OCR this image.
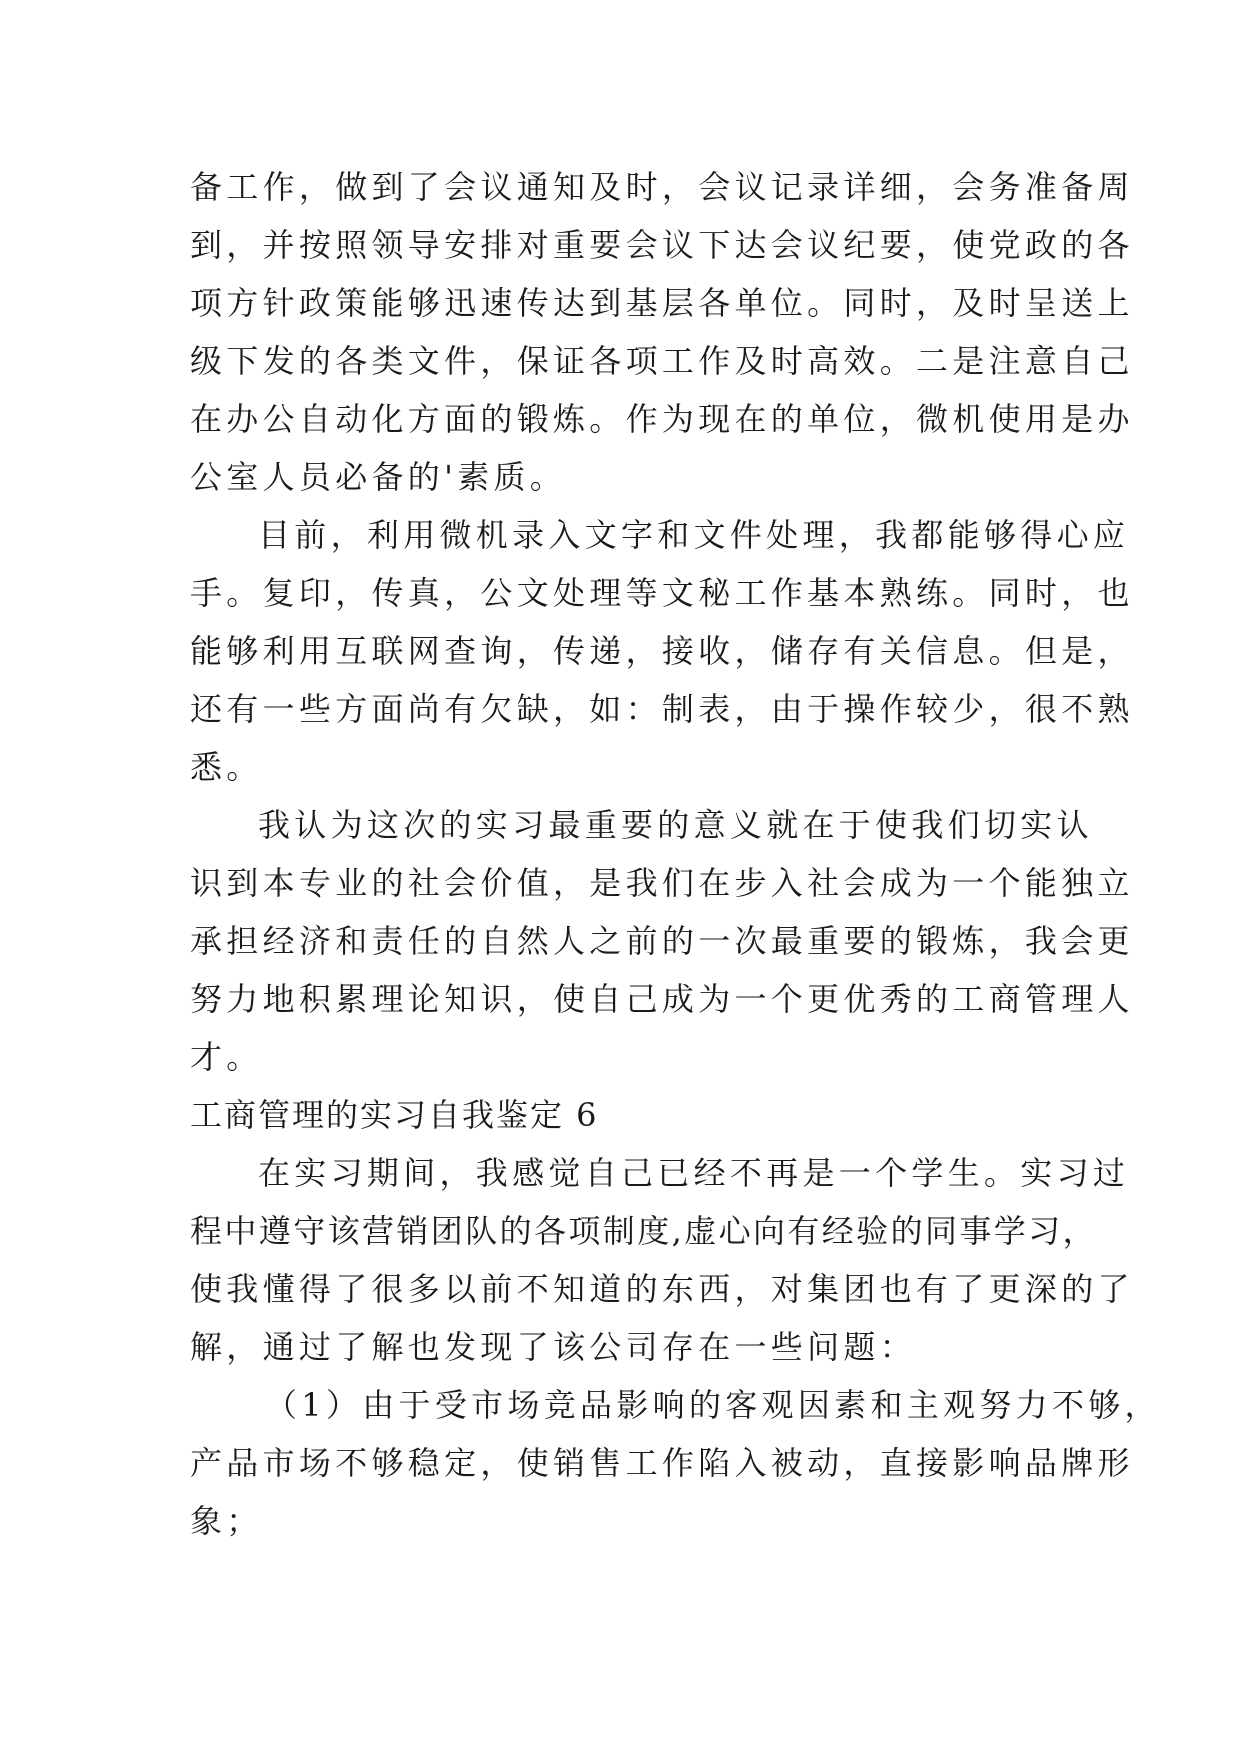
备工作，做到了会议通知及时，会议记录详细，会务准备周
到，并按照领导安排对重要会议下达会议纪要，使党政的各
项方针政策能够迅速传达到基层各单位。同时，及时呈送上
级下发的各类文件，保证各项工作及时高效。二是注意自己
在办公自动化方面的锻炼。作为现在的单位，微机使用是办
公室人员必备的'素质。
目前，利用微机录入文字和文件处理，我都能够得心应
手。复印，传真，公文处理等文秘工作基本熟练。同时，也
能够利用互联网查询，传递，接收，储存有关信息。但是，
还有一些方面尚有欠缺，如：制表，由于操作较少，很不熟
悉。
我认为这次的实习最重要的意义就在于使我们切实认
识到本专业的社会价值，是我们在步入社会成为一个能独立
承担经济和责任的自然人之前的一次最重要的锻炼，我会更
努力地积累理论知识，使自己成为一个更优秀的工商管理人
才。
工商管理的实习自我鉴定 6
在实习期间，我感觉自己已经不再是一个学生。实习过
程中遵守该营销团队的各项制度,虚心向有经验的同事学习，
使我懂得了很多以前不知道的东西，对集团也有了更深的了
解，通过了解也发现了该公司存在一些问题：
（1）由于受市场竞品影响的客观因素和主观努力不够，
产品市场不够稳定，使销售工作陷入被动，直接影响品牌形
象；
